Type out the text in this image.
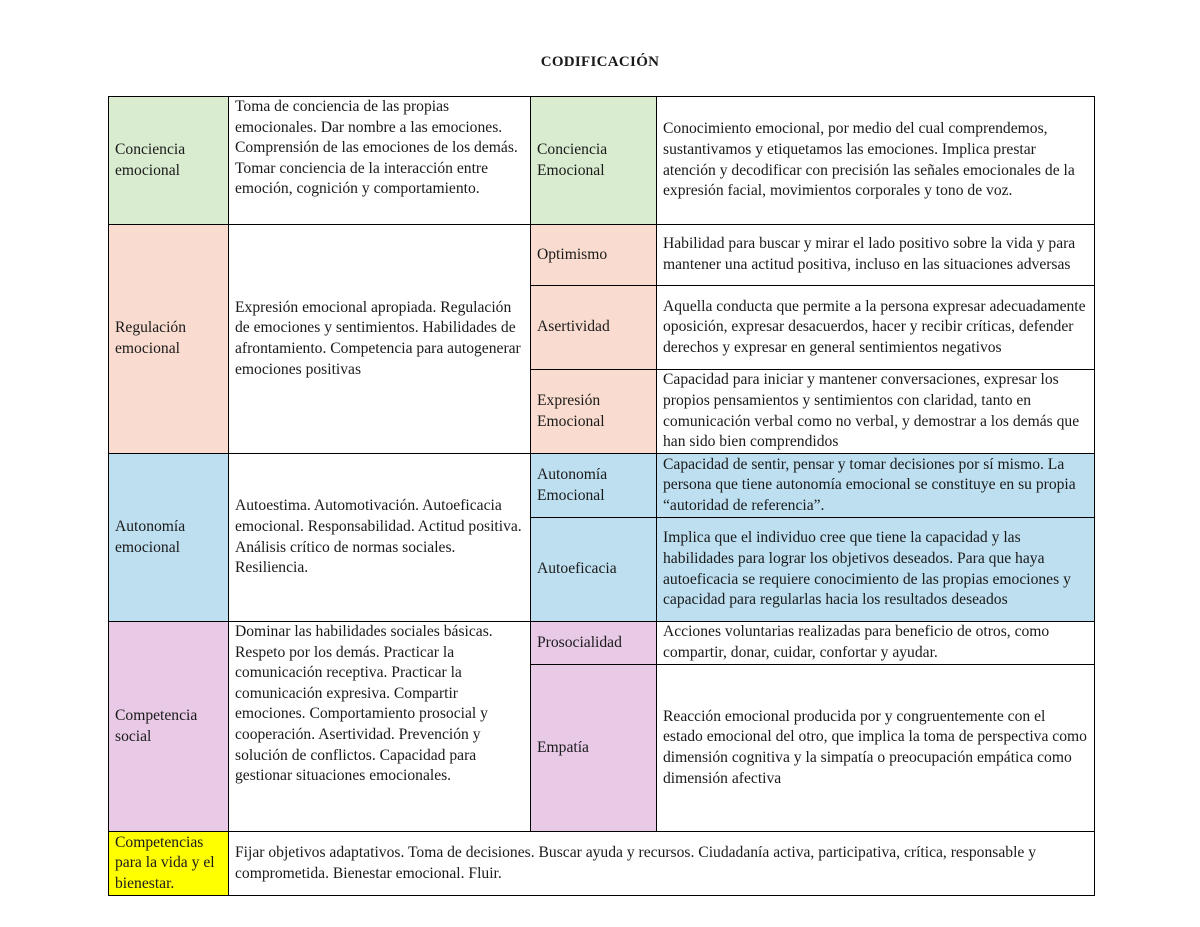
CODIFICACIÓN
Conciencia emocional	Toma de conciencia de las propias emocionales. Dar nombre a las emociones. Comprensión de las emociones de los demás. Tomar conciencia de la interacción entre emoción, cognición y comportamiento.	Conciencia Emocional	Conocimiento emocional, por medio del cual comprendemos, sustantivamos y etiquetamos las emociones. Implica prestar atención y decodificar con precisión las señales emocionales de la expresión facial, movimientos corporales y tono de voz.

Regulación emocional	Expresión emocional apropiada. Regulación de emociones y sentimientos. Habilidades de afrontamiento. Competencia para autogenerar emociones positivas	Optimismo	Habilidad para buscar y mirar el lado positivo sobre la vida y para mantener una actitud positiva, incluso en las situaciones adversas

		Asertividad	Aquella conducta que permite a la persona expresar adecuadamente oposición, expresar desacuerdos, hacer y recibir críticas, defender derechos y expresar en general sentimientos negativos

		Expresión Emocional	Capacidad para iniciar y mantener conversaciones, expresar los propios pensamientos y sentimientos con claridad, tanto en comunicación verbal como no verbal, y demostrar a los demás que han sido bien comprendidos

Autonomía emocional	Autoestima. Automotivación. Autoeficacia emocional. Responsabilidad. Actitud positiva. Análisis crítico de normas sociales. Resiliencia.	Autonomía Emocional	Capacidad de sentir, pensar y tomar decisiones por sí mismo. La persona que tiene autonomía emocional se constituye en su propia “autoridad de referencia”.

		Autoeficacia	Implica que el individuo cree que tiene la capacidad y las habilidades para lograr los objetivos deseados. Para que haya autoeficacia se requiere conocimiento de las propias emociones y capacidad para regularlas hacia los resultados deseados

Competencia social	Dominar las habilidades sociales básicas. Respeto por los demás. Practicar la comunicación receptiva. Practicar la comunicación expresiva. Compartir emociones. Comportamiento prosocial y cooperación. Asertividad. Prevención y solución de conflictos. Capacidad para gestionar situaciones emocionales.	Prosocialidad	Acciones voluntarias realizadas para beneficio de otros, como compartir, donar, cuidar, confortar y ayudar.

		Empatía	Reacción emocional producida por y congruentemente con el estado emocional del otro, que implica la toma de perspectiva como dimensión cognitiva y la simpatía o preocupación empática como dimensión afectiva

Competencias para la vida y el bienestar.	Fijar objetivos adaptativos. Toma de decisiones. Buscar ayuda y recursos. Ciudadanía activa, participativa, crítica, responsable y comprometida. Bienestar emocional. Fluir.		
